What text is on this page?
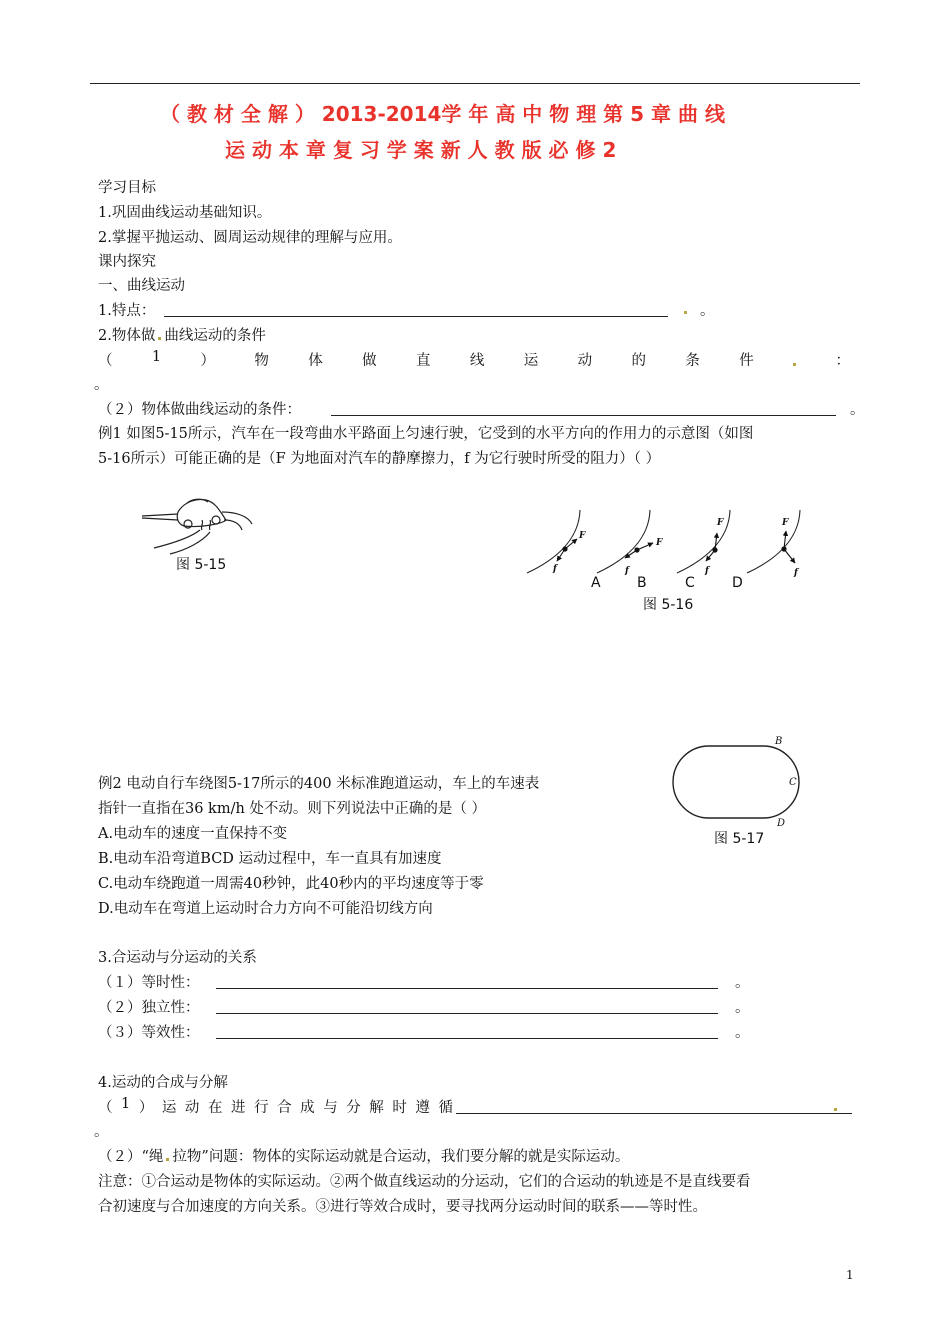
（ 教 材 全 解 ） 2013-2014学 年 高 中 物 理 第 5 章 曲 线
运 动 本 章 复 习 学 案 新 人 教 版 必 修 2
学习目标
1.巩固曲线运动基础知识。
2.掌握平抛运动、圆周运动规律的理解与应用。
课内探究
一、曲线运动
1.特点：	。
2.物体做 曲线运动的条件
（	1	）	物	体	做	直	线	运	动	的	条	件	：
。
（２）物体做曲线运动的条件：	。
例1 如图5-15所示，汽车在一段弯曲水平路面上匀速行驶，它受到的水平方向的作用力的示意图（如图
5-16所示）可能正确的是（F 为地面对汽车的静摩擦力，f 为它行驶时所受的阻力）（ ）
图 5-15
F
f
F
f
F
f
F
f
A	B	C	D
图 5-16
例2 电动自行车绕图5-17所示的400 米标准跑道运动，车上的车速表
指针一直指在36 km/h 处不动。则下列说法中正确的是（ ）
A.电动车的速度一直保持不变
B.电动车沿弯道BCD 运动过程中，车一直具有加速度
C.电动车绕跑道一周需40秒钟，此40秒内的平均速度等于零
D.电动车在弯道上运动时合力方向不可能沿切线方向
B
C
D
图 5-17
3.合运动与分运动的关系
（１）等时性：	。
（２）独立性：	。
（３）等效性：	。
4.运动的合成与分解
（ 1 ） 运 动 在 进 行 合 成 与 分 解 时 遵 循
。
（２）“绳 拉物”问题：物体的实际运动就是合运动，我们要分解的就是实际运动。
注意：①合运动是物体的实际运动。②两个做直线运动的分运动，它们的合运动的轨迹是不是直线要看
合初速度与合加速度的方向关系。③进行等效合成时，要寻找两分运动时间的联系——等时性。
1
